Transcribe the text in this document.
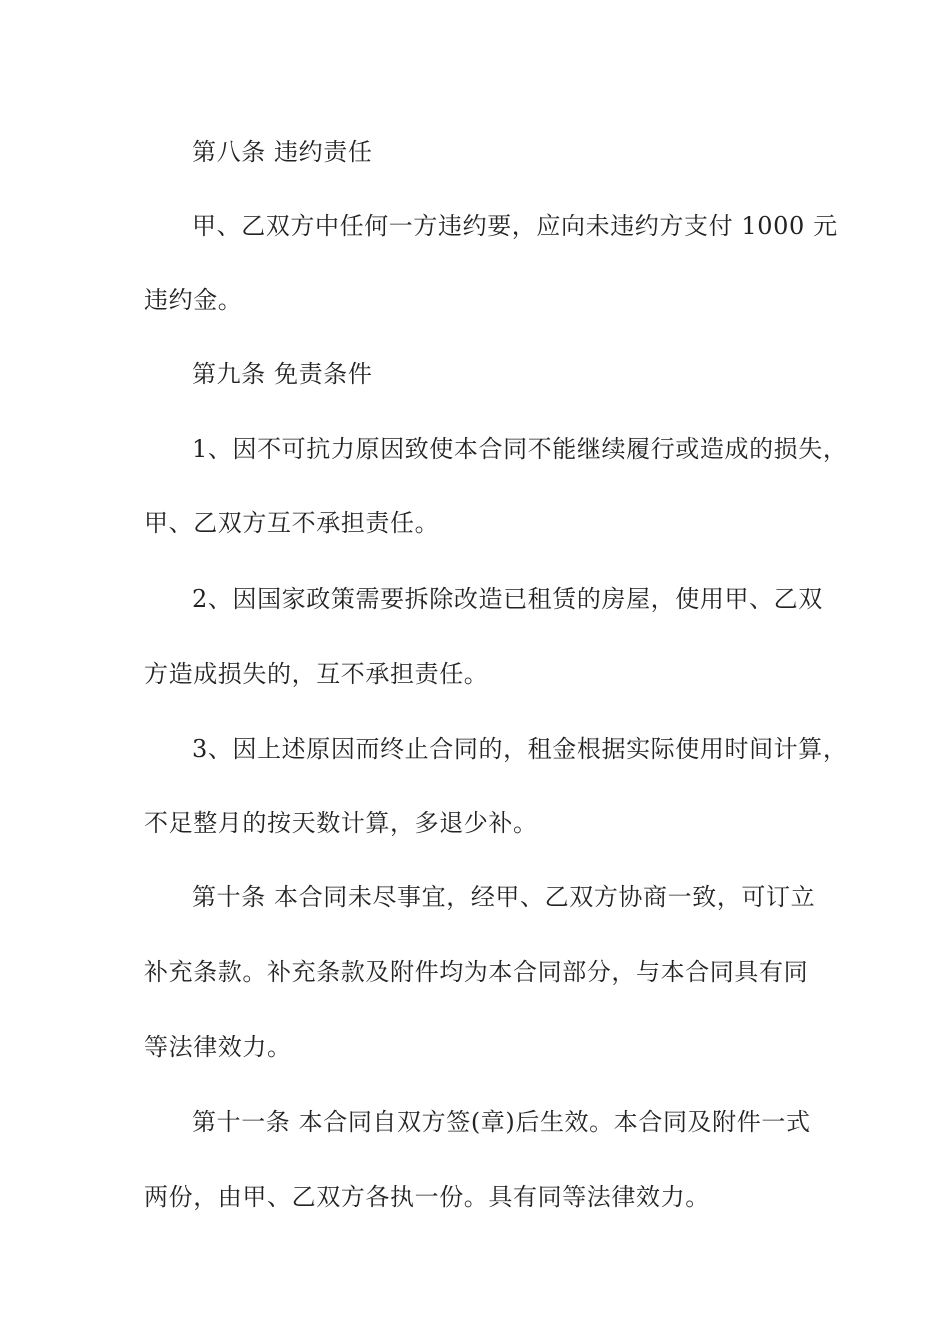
第八条 违约责任
甲、乙双方中任何一方违约要，应向未违约方支付 1000 元
违约金。
第九条 免责条件
1、因不可抗力原因致使本合同不能继续履行或造成的损失，
甲、乙双方互不承担责任。
2、因国家政策需要拆除改造已租赁的房屋，使用甲、乙双
方造成损失的，互不承担责任。
3、因上述原因而终止合同的，租金根据实际使用时间计算，
不足整月的按天数计算，多退少补。
第十条 本合同未尽事宜，经甲、乙双方协商一致，可订立
补充条款。补充条款及附件均为本合同部分，与本合同具有同
等法律效力。
第十一条 本合同自双方签(章)后生效。本合同及附件一式
两份，由甲、乙双方各执一份。具有同等法律效力。
